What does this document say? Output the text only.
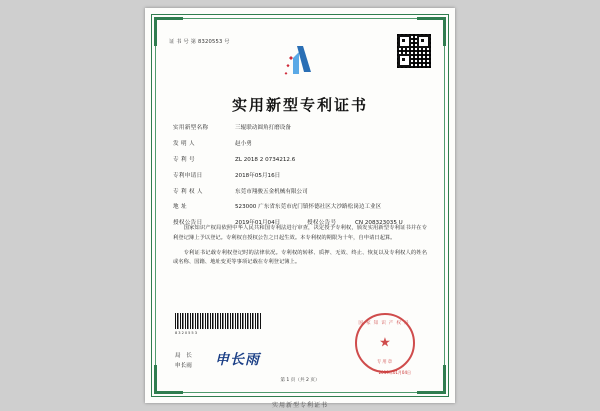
证 书 号 第 8320553 号
实用新型专利证书
实用新型名称	三辊联动圆角打磨设备
发 明 人	赵小勇
专 利 号	ZL 2018 2 0734212.6
专利申请日	2018年05月16日
专 利 权 人	东莞市翔骏五金机械有限公司
地 址	523000 广东省东莞市虎门镇怀德社区大沙路松岗边工业区
授权公告日	2019年01月04日	授权公告号	CN 208323035 U

国家知识产权局依照中华人民共和国专利法进行审查，决定授予专利权，颁发实用新型专利证书并在专利登记簿上予以登记。专利权自授权公告之日起生效。本专利权的期限为十年，自申请日起算。

专利证书记载专利权登记时的法律状况。专利权的转移、质押、无效、终止、恢复以及专利权人的姓名或名称、国籍、地址变更等事项记载在专利登记簿上。

8320553
局　长
申长雨 申长雨
国家知识产权局
★
专用章
2019年01月04日
第 1 页（共 2 页）
实用新型专利证书
